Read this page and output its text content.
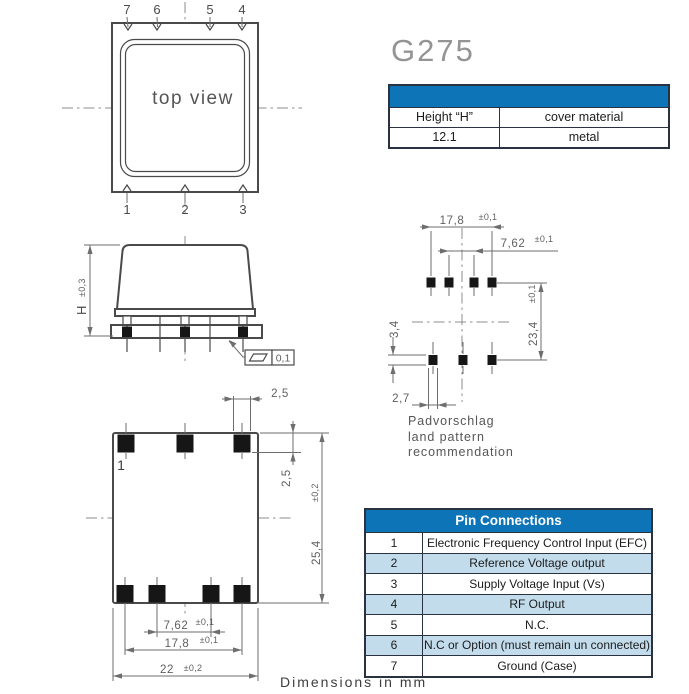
7 6	5 4
1	2	3
top view
H
±0,3
0,1
17,8 ±0,1
7,62 ±0,1
23,4
±0,1
3,4
2,7
1
2,5
2,5
25,4
±0,2
7,62 ±0,1
17,8 ±0,1
22 ±0,2
G275
Height “H”	cover material
12.1	metal
Padvorschlag
land pattern
recommendation
Pin Connections
1	Electronic Frequency Control Input (EFC)
2	Reference Voltage output
3	Supply Voltage Input (Vs)
4	RF Output
5	N.C.
6	N.C or Option (must remain un connected)
7	Ground (Case)
Dimensions in mm
